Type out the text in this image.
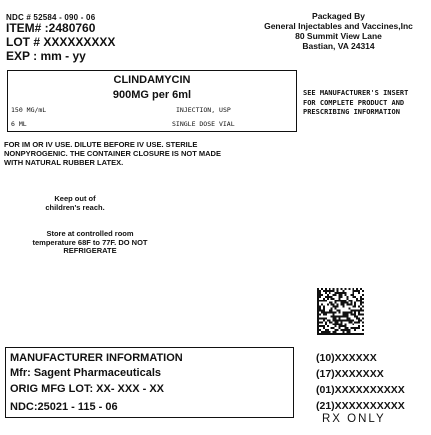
NDC # 52584 - 090 - 06
ITEM# :2480760
LOT # XXXXXXXXX
EXP : mm - yy
Packaged By
General Injectables and Vaccines,Inc
80 Summit View Lane
Bastian, VA 24314
CLINDAMYCIN
900MG per 6ml
150 MG/mL	INJECTION, USP
6 ML	SINGLE DOSE VIAL
SEE MANUFACTURER'S INSERT
FOR COMPLETE PRODUCT AND
PRESCRIBING INFORMATION
FOR IM OR IV USE. DILUTE BEFORE IV USE. STERILE
NONPYROGENIC. THE CONTAINER CLOSURE IS NOT MADE
WITH NATURAL RUBBER LATEX.
Keep out of
children's reach.
Store at controlled room
temperature 68F to 77F. DO NOT
REFRIGERATE
MANUFACTURER INFORMATION
Mfr: Sagent Pharmaceuticals
ORIG MFG LOT: XX- XXX - XX
NDC:25021 - 115 - 06
(10)XXXXXX
(17)XXXXXXX
(01)XXXXXXXXXX
(21)XXXXXXXXXX
RX ONLY
